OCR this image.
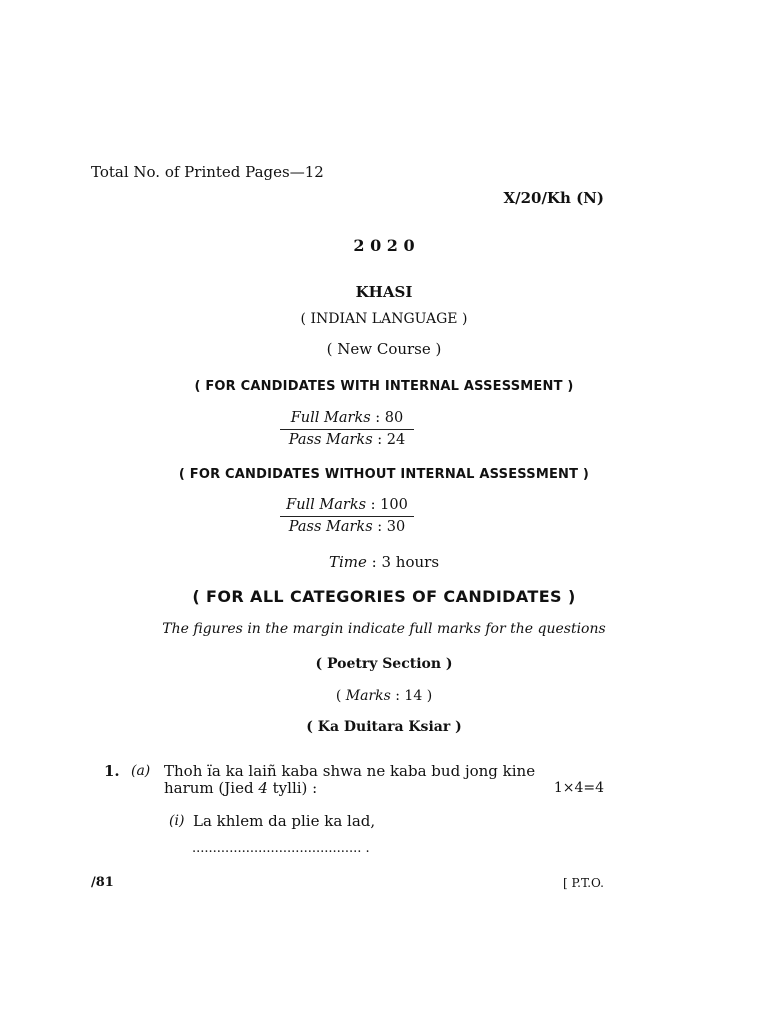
Total No. of Printed Pages—12
X/20/Kh (N)
2 0 2 0
KHASI
( INDIAN LANGUAGE )
( New Course )
( FOR CANDIDATES WITH INTERNAL ASSESSMENT )
Full Marks : 80
Pass Marks : 24
( FOR CANDIDATES WITHOUT INTERNAL ASSESSMENT )
Full Marks : 100
Pass Marks : 30
Time : 3 hours
( FOR ALL CATEGORIES OF CANDIDATES )
The figures in the margin indicate full marks for the questions
( Poetry Section )
( Marks : 14 )
( Ka Duitara Ksiar )
1. (a) Thoh ïa ka laiñ kaba shwa ne kaba bud jong kine
harum (Jied 4 tylli) :	1×4=4
(i) La khlem da plie ka lad,
......................................... .
/81	[ P.T.O.
